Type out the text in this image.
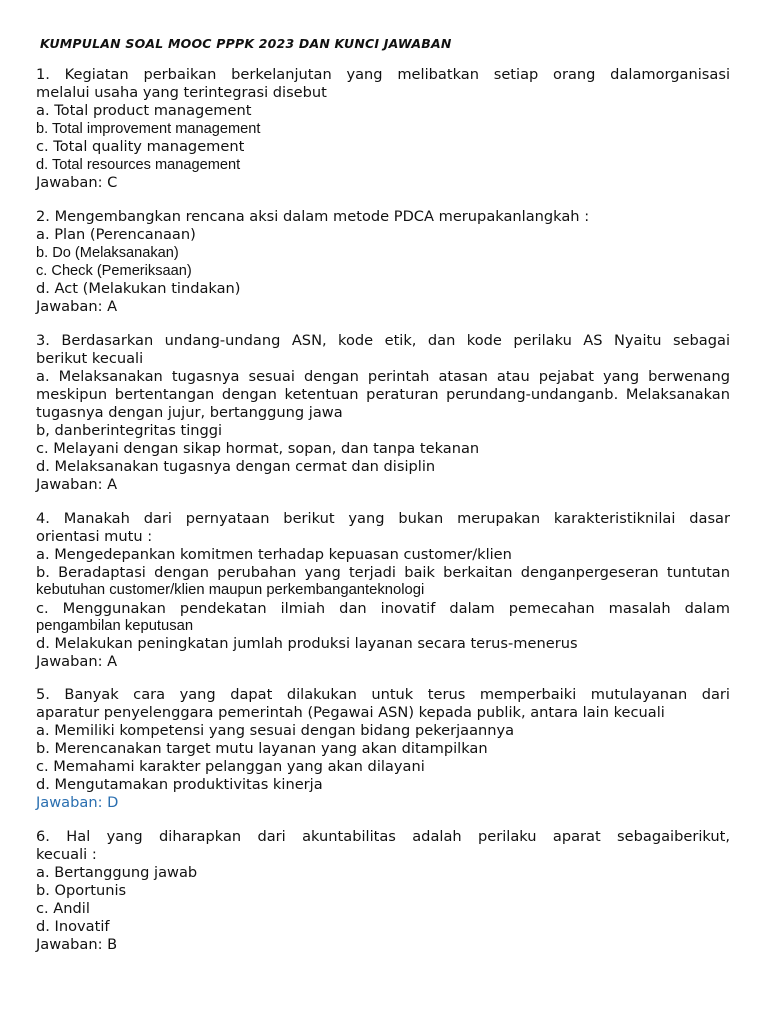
KUMPULAN SOAL MOOC PPPK 2023 DAN KUNCI JAWABAN
1. Kegiatan perbaikan berkelanjutan yang melibatkan setiap orang dalamorganisasi
melalui usaha yang terintegrasi disebut
a. Total product management
b. Total improvement management
c. Total quality management
d. Total resources management
Jawaban: C
2. Mengembangkan rencana aksi dalam metode PDCA merupakanlangkah :
a. Plan (Perencanaan)
b. Do (Melaksanakan)
c. Check (Pemeriksaan)
d. Act (Melakukan tindakan)
Jawaban: A
3. Berdasarkan undang-undang ASN, kode etik, dan kode perilaku AS Nyaitu sebagai
berikut kecuali
a. Melaksanakan tugasnya sesuai dengan perintah atasan atau pejabat yang berwenang
meskipun bertentangan dengan ketentuan peraturan perundang-undanganb. Melaksanakan
tugasnya dengan jujur, bertanggung jawa
b, danberintegritas tinggi
c. Melayani dengan sikap hormat, sopan, dan tanpa tekanan
d. Melaksanakan tugasnya dengan cermat dan disiplin
Jawaban: A
4. Manakah dari pernyataan berikut yang bukan merupakan karakteristiknilai dasar
orientasi mutu :
a. Mengedepankan komitmen terhadap kepuasan customer/klien
b. Beradaptasi dengan perubahan yang terjadi baik berkaitan denganpergeseran tuntutan
kebutuhan customer/klien maupun perkembanganteknologi
c. Menggunakan pendekatan ilmiah dan inovatif dalam pemecahan masalah dalam
pengambilan keputusan
d. Melakukan peningkatan jumlah produksi layanan secara terus-menerus
Jawaban: A
5. Banyak cara yang dapat dilakukan untuk terus memperbaiki mutulayanan dari
aparatur penyelenggara pemerintah (Pegawai ASN) kepada publik, antara lain kecuali
a. Memiliki kompetensi yang sesuai dengan bidang pekerjaannya
b. Merencanakan target mutu layanan yang akan ditampilkan
c. Memahami karakter pelanggan yang akan dilayani
d. Mengutamakan produktivitas kinerja
Jawaban: D
6. Hal yang diharapkan dari akuntabilitas adalah perilaku aparat sebagaiberikut,
kecuali :
a. Bertanggung jawab
b. Oportunis
c. Andil
d. Inovatif
Jawaban: B
